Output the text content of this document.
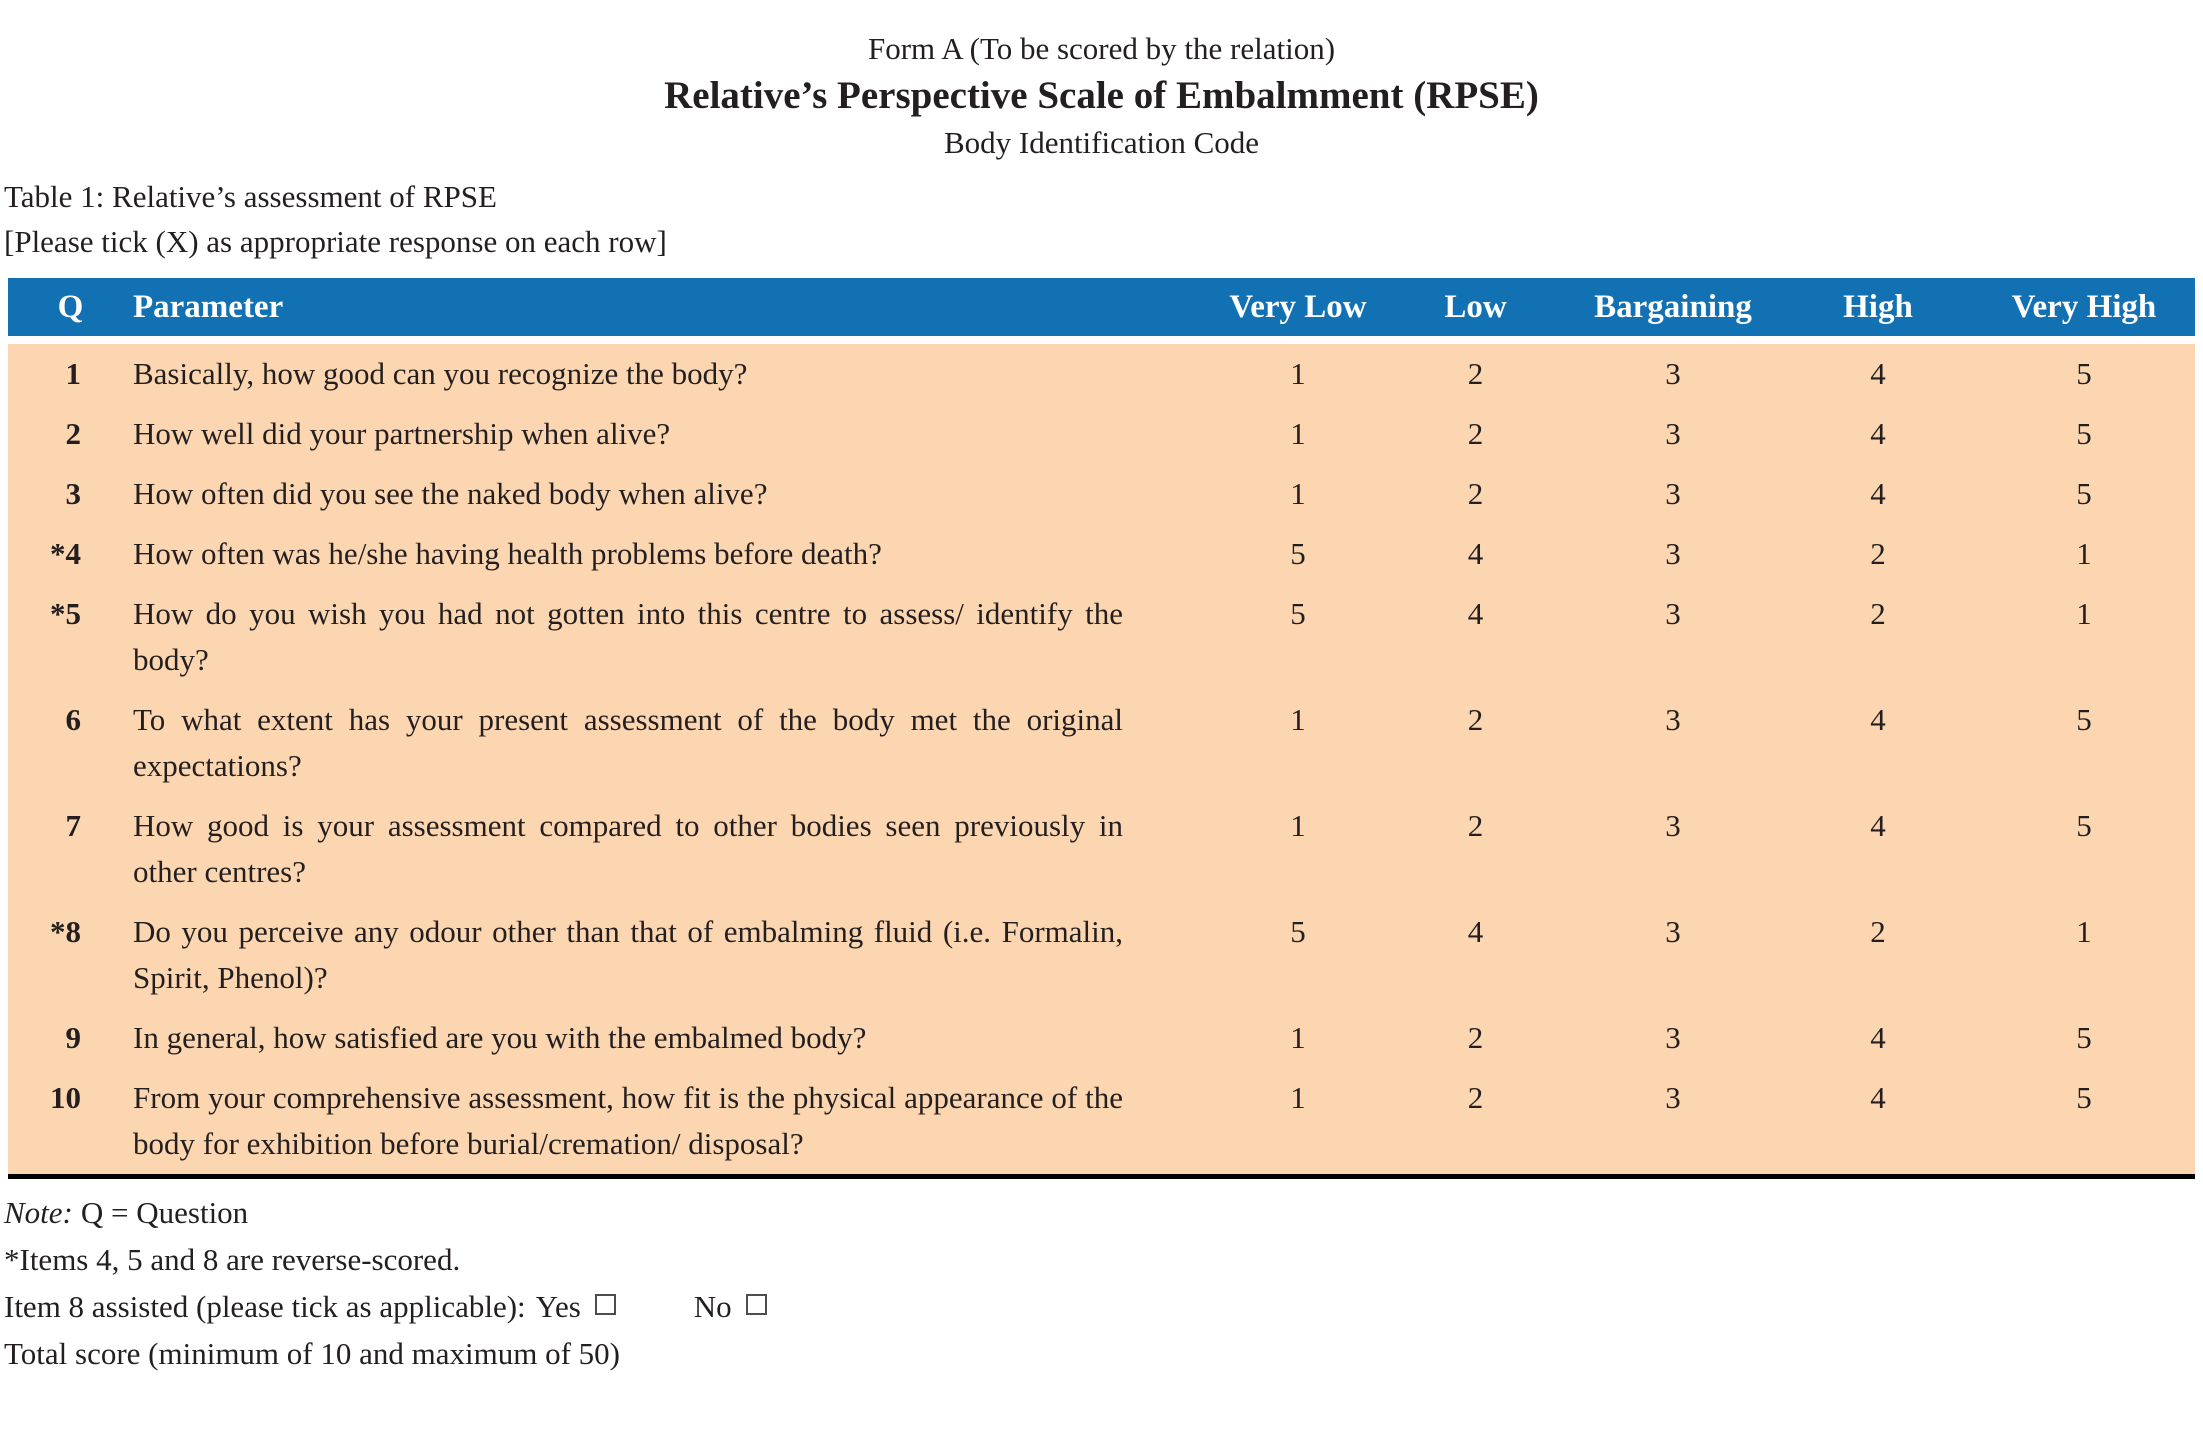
Form A (To be scored by the relation)
Relative’s Perspective Scale of Embalmment (RPSE)
Body Identification Code
Table 1: Relative’s assessment of RPSE
[Please tick (X) as appropriate response on each row]
Q	Parameter	Very Low	Low	Bargaining	High	Very High
1	Basically, how good can you recognize the body?	1	2	3	4	5
2	How well did your partnership when alive?	1	2	3	4	5
3	How often did you see the naked body when alive?	1	2	3	4	5
*4	How often was he/she having health problems before death?	5	4	3	2	1
*5	How do you wish you had not gotten into this centre to assess/ identify the body?	5	4	3	2	1
6	To what extent has your present assessment of the body met the original expectations?	1	2	3	4	5
7	How good is your assessment compared to other bodies seen previously in other centres?	1	2	3	4	5
*8	Do you perceive any odour other than that of embalming fluid (i.e. Formalin, Spirit, Phenol)?	5	4	3	2	1
9	In general, how satisfied are you with the embalmed body?	1	2	3	4	5
10	From your comprehensive assessment, how fit is the physical appearance of the body for exhibition before burial/cremation/ disposal?	1	2	3	4	5
Note: Q = Question
*Items 4, 5 and 8 are reverse-scored.
Item 8 assisted (please tick as applicable): Yes	No
Total score (minimum of 10 and maximum of 50)
